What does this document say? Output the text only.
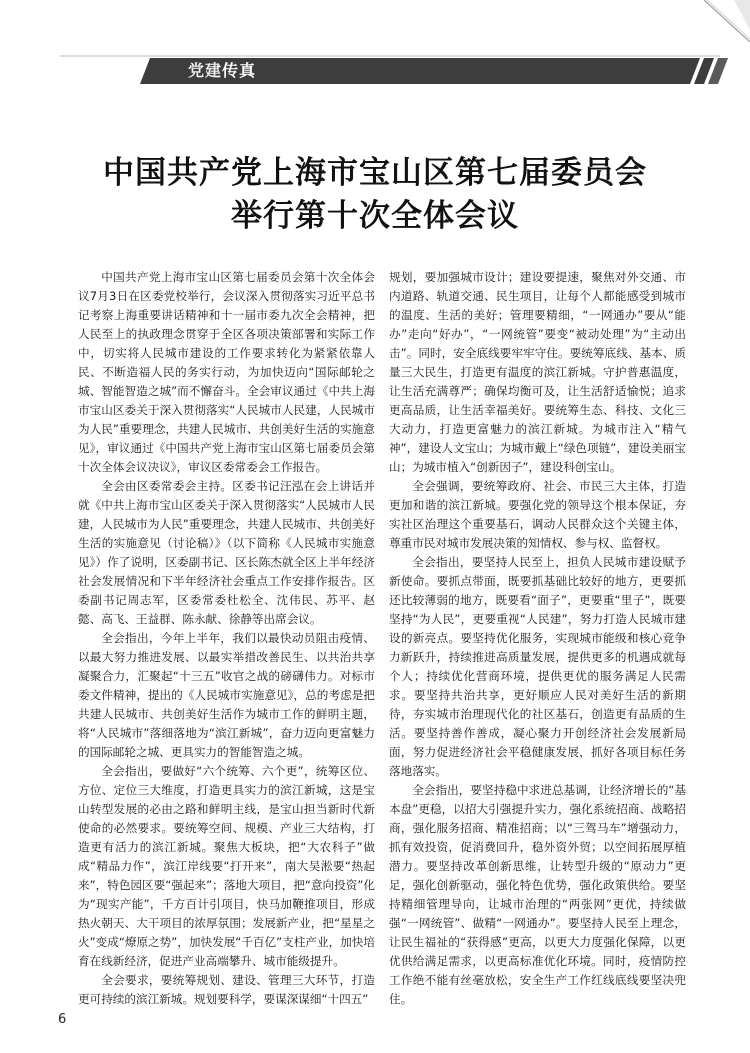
党建传真
中国共产党上海市宝山区第七届委员会
举行第十次全体会议

中国共产党上海市宝山区第七届委员会第十次全体会议7月3日在区委党校举行，会议深入贯彻落实习近平总书记考察上海重要讲话精神和十一届市委九次全会精神，把人民至上的执政理念贯穿于全区各项决策部署和实际工作中，切实将人民城市建设的工作要求转化为紧紧依靠人民、不断造福人民的务实行动，为加快迈向“国际邮轮之城、智能智造之城”而不懈奋斗。全会审议通过《中共上海市宝山区委关于深入贯彻落实“人民城市人民建，人民城市为人民”重要理念，共建人民城市、共创美好生活的实施意见》，审议通过《中国共产党上海市宝山区第七届委员会第十次全体会议决议》，审议区委常委会工作报告。

全会由区委常委会主持。区委书记汪泓在会上讲话并就《中共上海市宝山区委关于深入贯彻落实“人民城市人民建，人民城市为人民”重要理念，共建人民城市、共创美好生活的实施意见（讨论稿）》（以下简称《人民城市实施意见》）作了说明，区委副书记、区长陈杰就全区上半年经济社会发展情况和下半年经济社会重点工作安排作报告。区委副书记周志军，区委常委杜松全、沈伟民、苏平、赵懿、高飞、王益群、陈永献、徐静等出席会议。

全会指出，今年上半年，我们以最快动员阻击疫情、以最大努力推进发展、以最实举措改善民生、以共治共享凝聚合力，汇聚起“十三五”收官之战的磅礴伟力。对标市委文件精神，提出的《人民城市实施意见》，总的考虑是把共建人民城市、共创美好生活作为城市工作的鲜明主题，将“人民城市”落细落地为“滨江新城”，奋力迈向更富魅力的国际邮轮之城、更具实力的智能智造之城。

全会指出，要做好“六个统筹、六个更”，统筹区位、方位、定位三大维度，打造更具实力的滨江新城，这是宝山转型发展的必由之路和鲜明主线，是宝山担当新时代新使命的必然要求。要统筹空间、规模、产业三大结构，打造更有活力的滨江新城。聚焦大板块，把“大农科子”做成“精品力作”，滨江岸线要“打开来”，南大吴淞要“热起来”，特色园区要“强起来”；落地大项目，把“意向投资”化为“现实产能”，千方百计引项目，快马加鞭推项目，形成热火朝天、大干项目的浓厚氛围；发展新产业，把“星星之火”变成“燎原之势”，加快发展“千百亿”支柱产业，加快培育在线新经济，促进产业高端攀升、城市能级提升。

全会要求，要统筹规划、建设、管理三大环节，打造更可持续的滨江新城。规划要科学，要谋深谋细“十四五”

规划，要加强城市设计；建设要提速，聚焦对外交通、市内道路、轨道交通、民生项目，让每个人都能感受到城市的温度、生活的美好；管理要精细，“一网通办”要从“能办”走向“好办”，“一网统管”要变“被动处理”为“主动出击”。同时，安全底线要牢牢守住。要统筹底线、基本、质量三大民生，打造更有温度的滨江新城。守护普惠温度，让生活充满尊严；确保均衡可及，让生活舒适愉悦；追求更高品质，让生活幸福美好。要统筹生态、科技、文化三大动力，打造更富魅力的滨江新城。为城市注入“精气神”，建设人文宝山；为城市戴上“绿色项链”，建设美丽宝山；为城市植入“创新因子”，建设科创宝山。

全会强调，要统筹政府、社会、市民三大主体，打造更加和谐的滨江新城。要强化党的领导这个根本保证，夯实社区治理这个重要基石，调动人民群众这个关键主体，尊重市民对城市发展决策的知情权、参与权、监督权。

全会指出，要坚持人民至上，担负人民城市建设赋予新使命。要抓点带面，既要抓基础比较好的地方，更要抓还比较薄弱的地方，既要看“面子”，更要重“里子”，既要坚持“为人民”，更要重视“人民建”，努力打造人民城市建设的新亮点。要坚持优化服务，实现城市能级和核心竞争力新跃升，持续推进高质量发展，提供更多的机遇成就每个人；持续优化营商环境，提供更优的服务满足人民需求。要坚持共治共享，更好顺应人民对美好生活的新期待，夯实城市治理现代化的社区基石，创造更有品质的生活。要坚持善作善成，凝心聚力开创经济社会发展新局面，努力促进经济社会平稳健康发展，抓好各项目标任务落地落实。

全会指出，要坚持稳中求进总基调，让经济增长的“基本盘”更稳，以招大引强提升实力，强化系统招商、战略招商，强化服务招商、精准招商；以“三驾马车”增强动力，抓有效投资，促消费回升，稳外资外贸；以空间拓展厚植潜力。要坚持改革创新思维，让转型升级的“原动力”更足，强化创新驱动，强化特色优势，强化政策供给。要坚持精细管理导向，让城市治理的“两张网”更优，持续做强“一网统管”、做精“一网通办”。要坚持人民至上理念，让民生福祉的“获得感”更高，以更大力度强化保障，以更优供给满足需求，以更高标准优化环境。同时，疫情防控工作绝不能有丝毫放松，安全生产工作红线底线要坚决兜住。

6
